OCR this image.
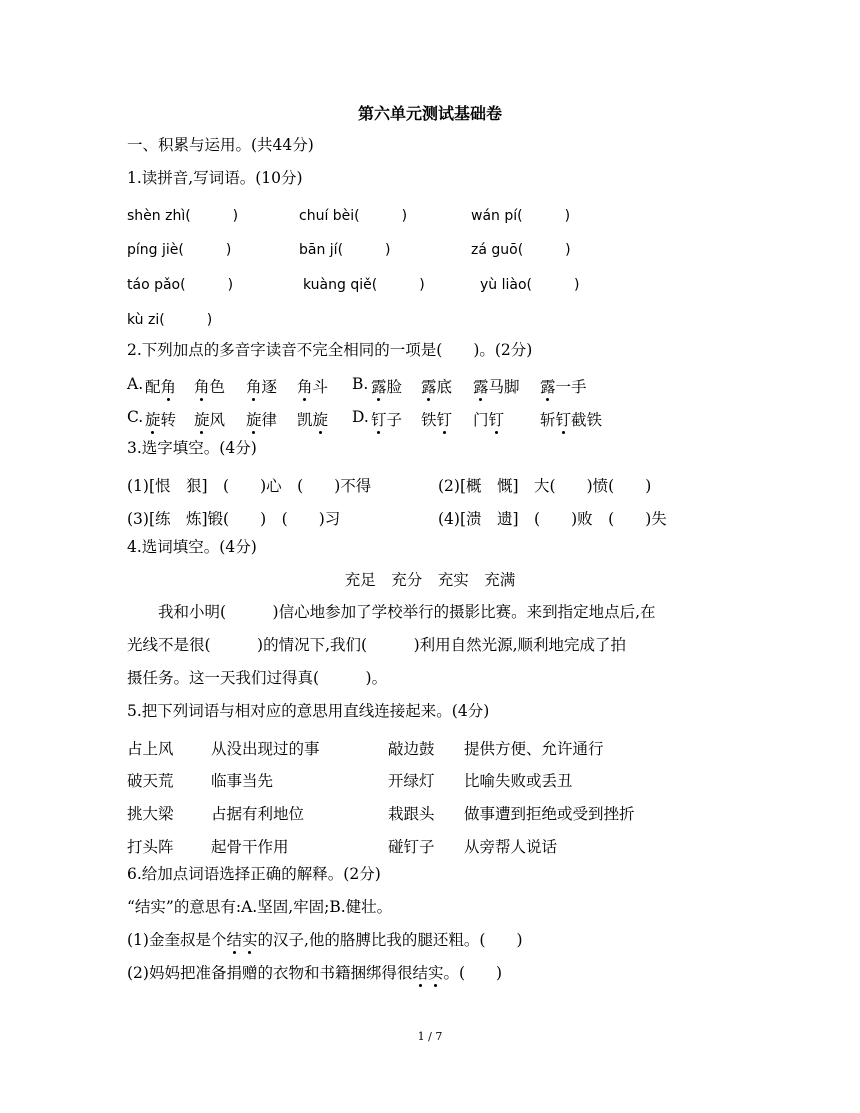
第六单元测试基础卷
一、积累与运用。(共44分)
1.读拼音,写词语。(10分)
shèn zhì(　　　)	chuí bèi(　　　)	wán pí(　　　)
píng jiè(　　　)	bān jí(　　　)	zá guō(　　　)
táo pǎo(　　　)	kuàng qiě(　　　)	yù liào(　　　)
kù zi(　　　)
2.下列加点的多音字读音不完全相同的一项是(　　)。(2分)
A. 配角 角色 角逐 角斗 B. 露脸 露底 露马脚 露一手
C. 旋转 旋风 旋律 凯旋 D. 钉子 铁钉 门钉 斩钉截铁
3.选字填空。(4分)
(1)[恨　狠]　(　　)心　(　　)不得	(2)[概　慨]　大(　　)愤(　　)
(3)[练　炼]锻(　　)　(　　)习	(4)[溃　遗]　(　　)败　(　　)失
4.选词填空。(4分)
充足　充分　充实　充满
　　我和小明(　　　)信心地参加了学校举行的摄影比赛。来到指定地点后,在
光线不是很(　　　)的情况下,我们(　　　)利用自然光源,顺利地完成了拍
摄任务。这一天我们过得真(　　　)。
5.把下列词语与相对应的意思用直线连接起来。(4分)
占上风 从没出现过的事	敲边鼓 提供方便、允许通行
破天荒 临事当先	开绿灯 比喻失败或丢丑
挑大梁 占据有利地位	栽跟头 做事遭到拒绝或受到挫折
打头阵 起骨干作用	碰钉子 从旁帮人说话
6.给加点词语选择正确的解释。(2分)
“结实”的意思有:A.坚固,牢固;B.健壮。
(1)金奎叔是个结实的汉子,他的胳膊比我的腿还粗。(　　)
(2)妈妈把准备捐赠的衣物和书籍捆绑得很结实。(　　)
1 / 7
